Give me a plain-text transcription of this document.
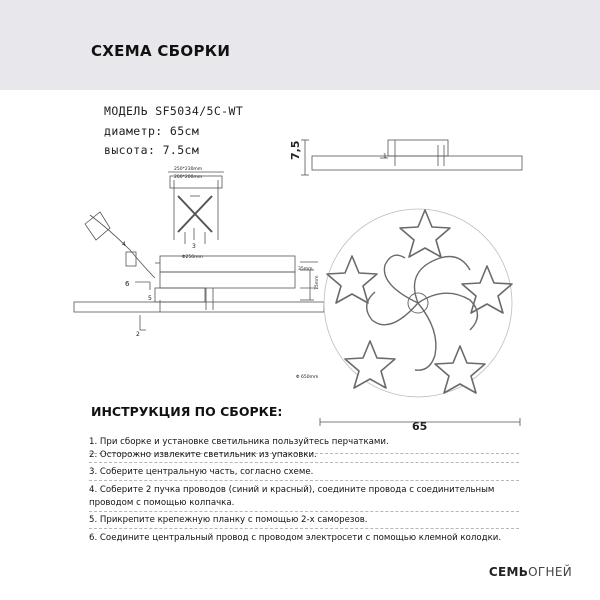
СХЕМА СБОРКИ
МОДЕЛЬ SF5034/5C-WT
диаметр: 65см
высота: 7.5см	7,5
65
250*230mm
200*200mm
Φ250mm
35mm
75mm
Φ 650mm
1
2
3
4
5
6
ИНСТРУКЦИЯ ПО СБОРКЕ:
1. При сборке и установке светильника пользуйтесь перчатками.
2. Осторожно извлеките светильник из упаковки.
3. Соберите центральную часть, согласно схеме.
4. Соберите 2 пучка проводов (синий и красный), соедините провода с соединительным проводом с помощью колпачка.
5. Прикрепите крепежную планку с помощью 2-х саморезов.
6. Соедините центральный провод с проводом электросети с помощью клемной колодки.
СЕМЬОГНЕЙ
